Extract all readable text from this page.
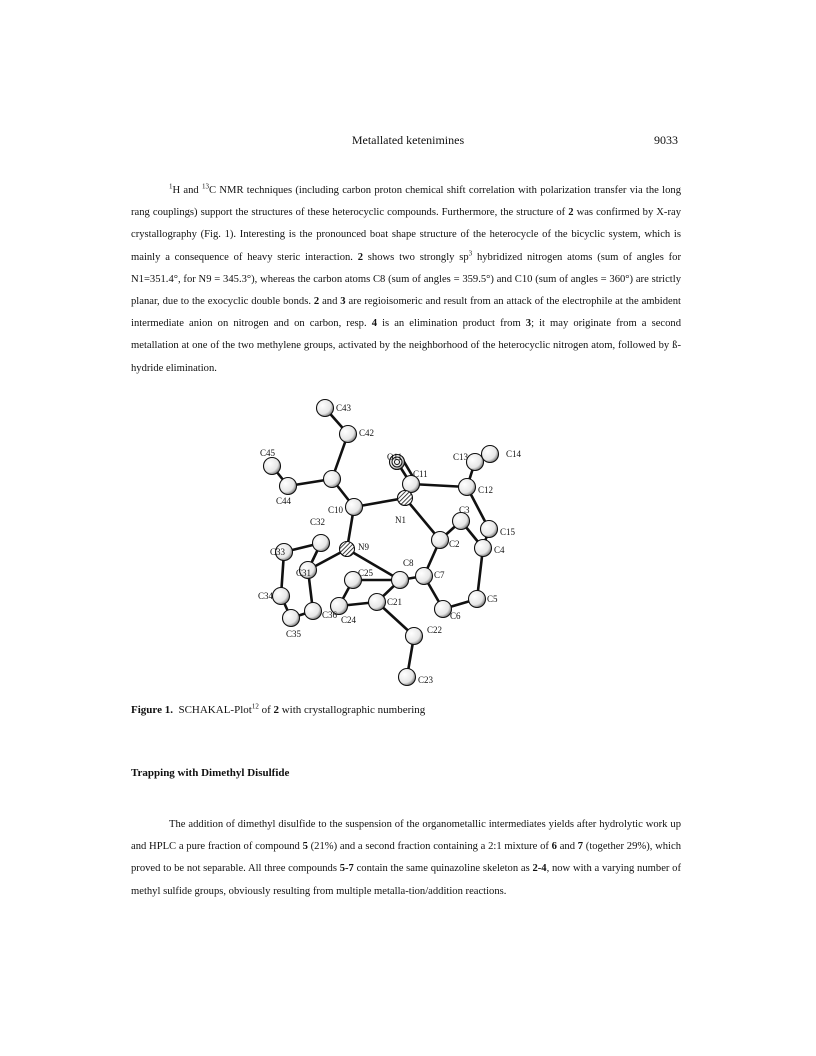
Metallated ketenimines	9033
$^1$H and $^{13}$C NMR techniques (including carbon proton chemical shift correlation with polarization transfer via the long rang couplings) support the structures of these heterocyclic compounds. Furthermore, the structure of 2 was confirmed by X-ray crystallography (Fig. 1). Interesting is the pronounced boat shape structure of the heterocycle of the bicyclic system, which is mainly a consequence of heavy steric interaction. 2 shows two strongly $sp^3$ hybridized nitrogen atoms (sum of angles for N1=351.4°, for N9 = 345.3°), whereas the carbon atoms C8 (sum of angles = 359.5°) and C10 (sum of angles = 360°) are strictly planar, due to the exocyclic double bonds. 2 and 3 are regioisomeric and result from an attack of the electrophile at the ambident intermediate anion on nitrogen and on carbon, resp. 4 is an elimination product from 3; it may originate from a second metallation at one of the two methylene groups, activated by the neighborhood of the heterocyclic nitrogen atom, followed by ß-hydride elimination.
C43
C42
C45	O11
C11
C13	C14
C12
C44
C10
N1
C3
C15
C32
C2
C4
C33	N9
C8
C31	C25	C7
C34
C21	C5
C6
C36 C24
C35	C22
C23
Figure 1. SCHAKAL-Plot$^{12}$ of 2 with crystallographic numbering
Trapping with Dimethyl Disulfide
The addition of dimethyl disulfide to the suspension of the organometallic intermediates yields after hydrolytic work up and HPLC a pure fraction of compound 5 (21%) and a second fraction containing a 2:1 mixture of 6 and 7 (together 29%), which proved to be not separable. All three compounds 5-7 contain the same quinazoline skeleton as 2-4, now with a varying number of methyl sulfide groups, obviously resulting from multiple metalla-tion/addition reactions.
